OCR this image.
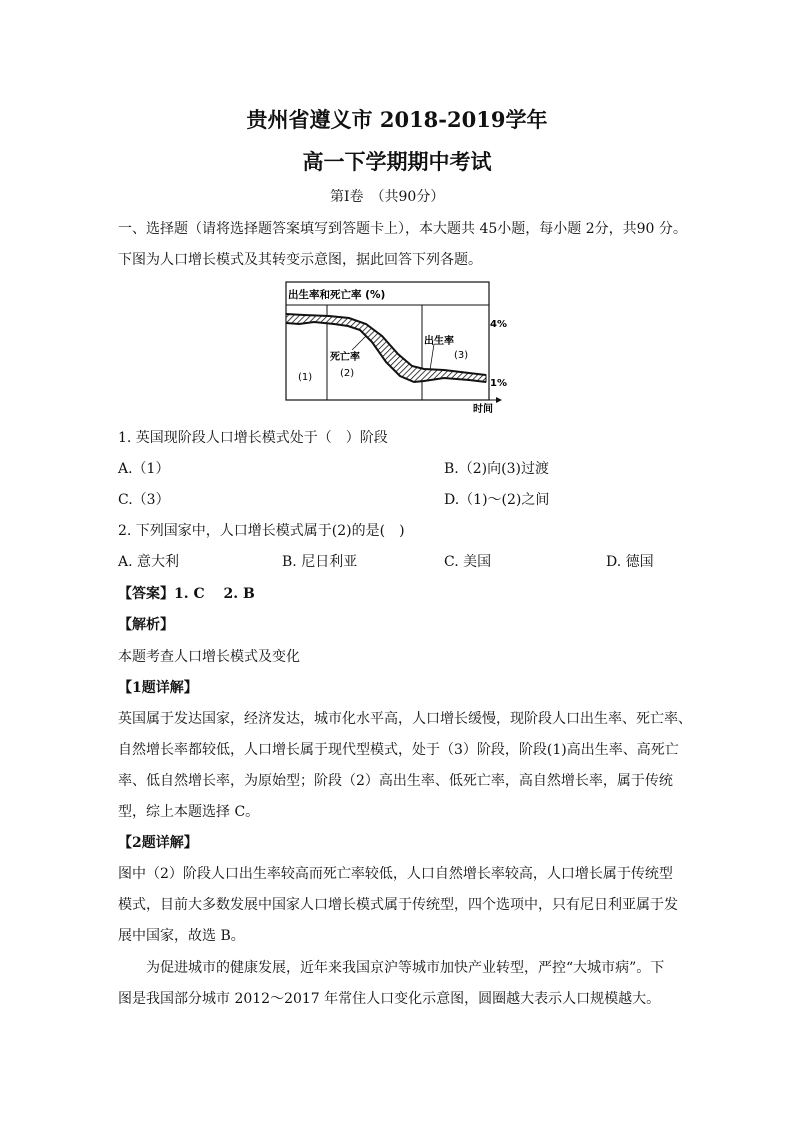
贵州省遵义市 2018-2019学年
高一下学期期中考试
第Ⅰ卷　（共90分）
一、选择题（请将选择题答案填写到答题卡上），本大题共 45小题，每小题 2分，共90 分。
下图为人口增长模式及其转变示意图，据此回答下列各题。
出生率和死亡率 (%)
(1)
死亡率
(2)
出生率
(3)
4%
1%
时间
1. 英国现阶段人口增长模式处于（　）阶段
A.（1）	B.（2)向(3)过渡
C.（3）	D.（1)～(2)之间
2. 下列国家中，人口增长模式属于(2)的是(　)
A. 意大利	B. 尼日利亚	C. 美国	D. 德国
【答案】1. C　 2. B
【解析】
本题考查人口增长模式及变化
【1题详解】
英国属于发达国家，经济发达，城市化水平高，人口增长缓慢，现阶段人口出生率、死亡率、
自然增长率都较低，人口增长属于现代型模式，处于（3）阶段，阶段(1)高出生率、高死亡
率、低自然增长率，为原始型；阶段（2）高出生率、低死亡率，高自然增长率，属于传统
型，综上本题选择 C。
【2题详解】
图中（2）阶段人口出生率较高而死亡率较低，人口自然增长率较高，人口增长属于传统型
模式，目前大多数发展中国家人口增长模式属于传统型，四个选项中，只有尼日利亚属于发
展中国家，故选 B。
为促进城市的健康发展，近年来我国京沪等城市加快产业转型，严控“大城市病”。下
图是我国部分城市 2012～2017 年常住人口变化示意图，圆圈越大表示人口规模越大。
